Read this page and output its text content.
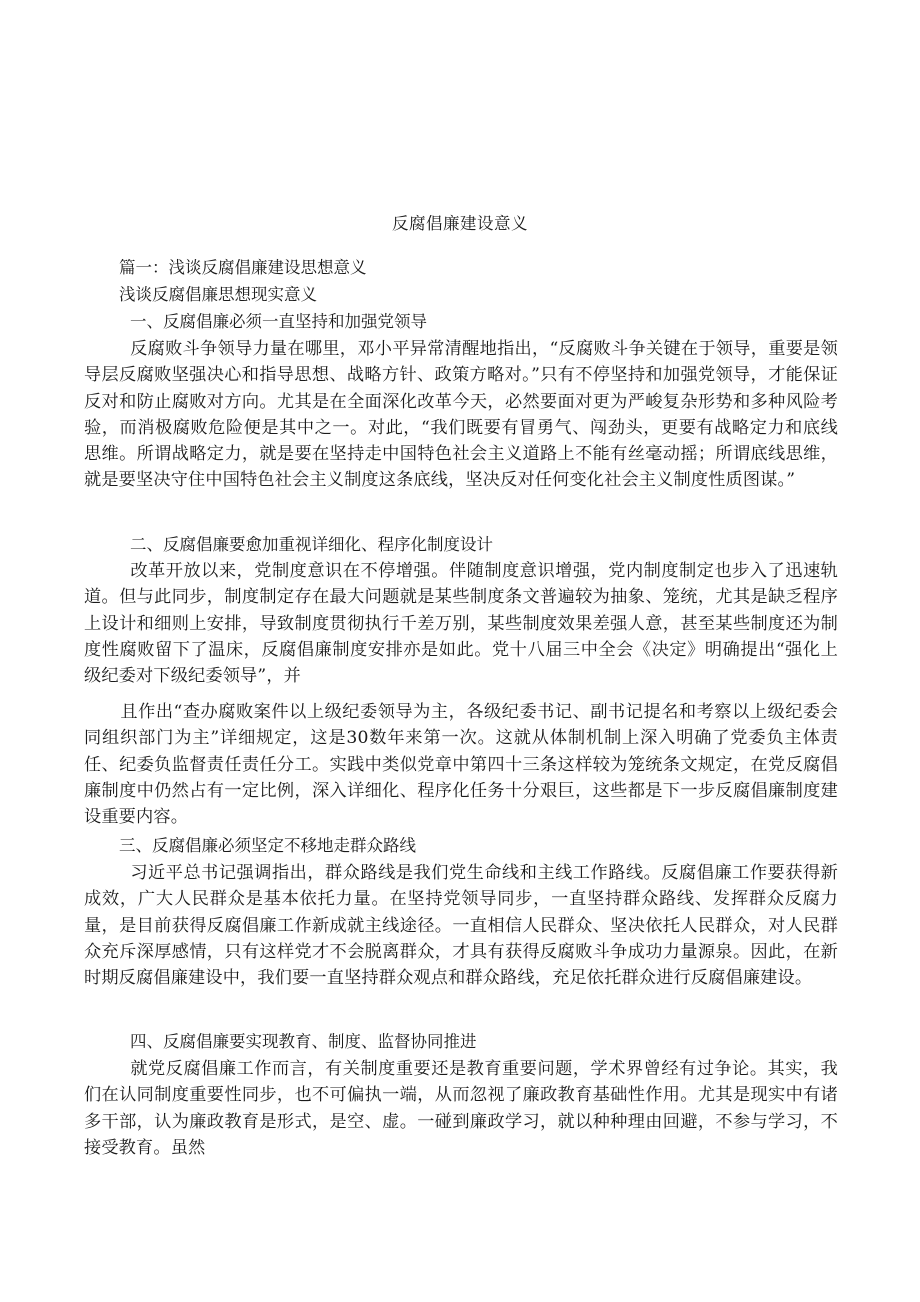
反腐倡廉建设意义
篇一：浅谈反腐倡廉建设思想意义
浅谈反腐倡廉思想现实意义
一、反腐倡廉必须一直坚持和加强党领导
反腐败斗争领导力量在哪里，邓小平异常清醒地指出，“反腐败斗争关键在于领导，重要是领导层反腐败坚强决心和指导思想、战略方针、政策方略对。”只有不停坚持和加强党领导，才能保证反对和防止腐败对方向。尤其是在全面深化改革今天，必然要面对更为严峻复杂形势和多种风险考验，而消极腐败危险便是其中之一。对此，“我们既要有冒勇气、闯劲头，更要有战略定力和底线思维。所谓战略定力，就是要在坚持走中国特色社会主义道路上不能有丝毫动摇；所谓底线思维，就是要坚决守住中国特色社会主义制度这条底线，坚决反对任何变化社会主义制度性质图谋。”
二、反腐倡廉要愈加重视详细化、程序化制度设计
改革开放以来，党制度意识在不停增强。伴随制度意识增强，党内制度制定也步入了迅速轨道。但与此同步，制度制定存在最大问题就是某些制度条文普遍较为抽象、笼统，尤其是缺乏程序上设计和细则上安排，导致制度贯彻执行千差万别，某些制度效果差强人意，甚至某些制度还为制度性腐败留下了温床，反腐倡廉制度安排亦是如此。党十八届三中全会《决定》明确提出“强化上级纪委对下级纪委领导”，并
且作出“查办腐败案件以上级纪委领导为主，各级纪委书记、副书记提名和考察以上级纪委会同组织部门为主”详细规定，这是30数年来第一次。这就从体制机制上深入明确了党委负主体责任、纪委负监督责任责任分工。实践中类似党章中第四十三条这样较为笼统条文规定，在党反腐倡廉制度中仍然占有一定比例，深入详细化、程序化任务十分艰巨，这些都是下一步反腐倡廉制度建设重要内容。
三、反腐倡廉必须坚定不移地走群众路线
习近平总书记强调指出，群众路线是我们党生命线和主线工作路线。反腐倡廉工作要获得新成效，广大人民群众是基本依托力量。在坚持党领导同步，一直坚持群众路线、发挥群众反腐力量，是目前获得反腐倡廉工作新成就主线途径。一直相信人民群众、坚决依托人民群众，对人民群众充斥深厚感情，只有这样党才不会脱离群众，才具有获得反腐败斗争成功力量源泉。因此，在新时期反腐倡廉建设中，我们要一直坚持群众观点和群众路线，充足依托群众进行反腐倡廉建设。
四、反腐倡廉要实现教育、制度、监督协同推进
就党反腐倡廉工作而言，有关制度重要还是教育重要问题，学术界曾经有过争论。其实，我们在认同制度重要性同步，也不可偏执一端，从而忽视了廉政教育基础性作用。尤其是现实中有诸多干部，认为廉政教育是形式，是空、虚。一碰到廉政学习，就以种种理由回避，不参与学习，不接受教育。虽然
